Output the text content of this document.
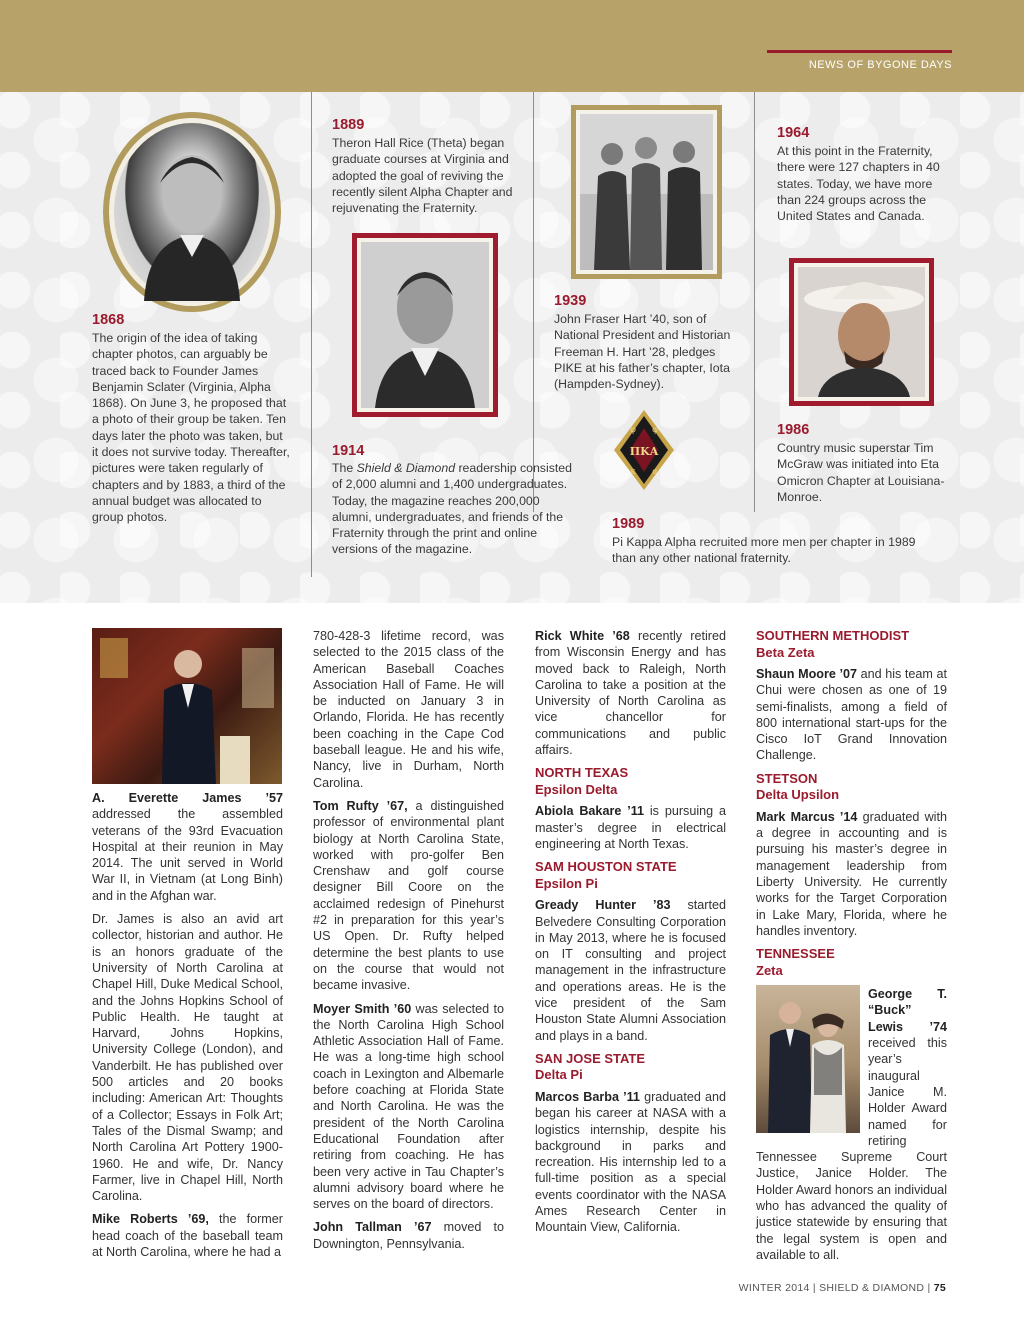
NEWS OF BYGONE DAYS
1868
The origin of the idea of taking chapter photos, can arguably be traced back to Founder James Benjamin Sclater (Virginia, Alpha 1868). On June 3, he proposed that a photo of their group be taken. Ten days later the photo was taken, but it does not survive today. Thereafter, pictures were taken regularly of chapters and by 1883, a third of the annual budget was allocated to group photos.
1889
Theron Hall Rice (Theta) began graduate courses at Virginia and adopted the goal of reviving the recently silent Alpha Chapter and rejuvenating the Fraternity.
1914
The Shield & Diamond readership consisted of 2,000 alumni and 1,400 undergraduates. Today, the magazine reaches 200,000 alumni, undergraduates, and friends of the Fraternity through the print and online versions of the magazine.
1939
John Fraser Hart ’40, son of National President and Historian Freeman H. Hart ’28, pledges PIKE at his father’s chapter, Iota (Hampden-Sydney).
ΠΚΑ
φ φ
κ α
1964
At this point in the Fraternity, there were 127 chapters in 40 states. Today, we have more than 224 groups across the United States and Canada.
1986
Country music superstar Tim McGraw was initiated into Eta Omicron Chapter at Louisiana-Monroe.
1989
Pi Kappa Alpha recruited more men per chapter in 1989 than any other national fraternity.

A. Everette James ’57 addressed the assembled veterans of the 93rd Evacuation Hospital at their reunion in May 2014. The unit served in World War II, in Vietnam (at Long Binh) and in the Afghan war.

Dr. James is also an avid art collector, historian and author. He is an honors graduate of the University of North Carolina at Chapel Hill, Duke Medical School, and the Johns Hopkins School of Public Health. He taught at Harvard, Johns Hopkins, University College (London), and Vanderbilt. He has published over 500 articles and 20 books including: American Art: Thoughts of a Collector; Essays in Folk Art; Tales of the Dismal Swamp; and North Carolina Art Pottery 1900-1960. He and wife, Dr. Nancy Farmer, live in Chapel Hill, North Carolina.

Mike Roberts ’69, the former head coach of the baseball team at North Carolina, where he had a

780-428-3 lifetime record, was selected to the 2015 class of the American Baseball Coaches Association Hall of Fame. He will be inducted on January 3 in Orlando, Florida. He has recently been coaching in the Cape Cod baseball league. He and his wife, Nancy, live in Durham, North Carolina.

Tom Rufty ’67, a distinguished professor of environmental plant biology at North Carolina State, worked with pro-golfer Ben Crenshaw and golf course designer Bill Coore on the acclaimed redesign of Pinehurst #2 in preparation for this year’s US Open. Dr. Rufty helped determine the best plants to use on the course that would not became invasive.

Moyer Smith ’60 was selected to the North Carolina High School Athletic Association Hall of Fame. He was a long-time high school coach in Lexington and Albemarle before coaching at Florida State and North Carolina. He was the president of the North Carolina Educational Foundation after retiring from coaching. He has been very active in Tau Chapter’s alumni advisory board where he serves on the board of directors.

John Tallman ’67 moved to Downington, Pennsylvania.

Rick White ’68 recently retired from Wisconsin Energy and has moved back to Raleigh, North Carolina to take a position at the University of North Carolina as vice chancellor for communications and public affairs.

NORTH TEXAS
Epsilon Delta

Abiola Bakare ’11 is pursuing a master’s degree in electrical engineering at North Texas.

SAM HOUSTON STATE
Epsilon Pi

Gready Hunter ’83 started Belvedere Consulting Corporation in May 2013, where he is focused on IT consulting and project management in the infrastructure and operations areas. He is the vice president of the Sam Houston State Alumni Association and plays in a band.

SAN JOSE STATE
Delta Pi

Marcos Barba ’11 graduated and began his career at NASA with a logistics internship, despite his background in parks and recreation. His internship led to a full-time position as a special events coordinator with the NASA Ames Research Center in Mountain View, California.

SOUTHERN METHODIST
Beta Zeta

Shaun Moore ’07 and his team at Chui were chosen as one of 19 semi-finalists, among a field of 800 international start-ups for the Cisco IoT Grand Innovation Challenge.

STETSON
Delta Upsilon

Mark Marcus ’14 graduated with a degree in accounting and is pursuing his master’s degree in management leadership from Liberty University. He currently works for the Target Corporation in Lake Mary, Florida, where he handles inventory.

TENNESSEE
Zeta

George T. “Buck” Lewis ’74 received this year’s inaugural Janice M. Holder Award named for retiring Tennessee Supreme Court Justice, Janice Holder. The Holder Award honors an individual who has advanced the quality of justice statewide by ensuring that the legal system is open and available to all.

WINTER 2014 | SHIELD & DIAMOND | 75
